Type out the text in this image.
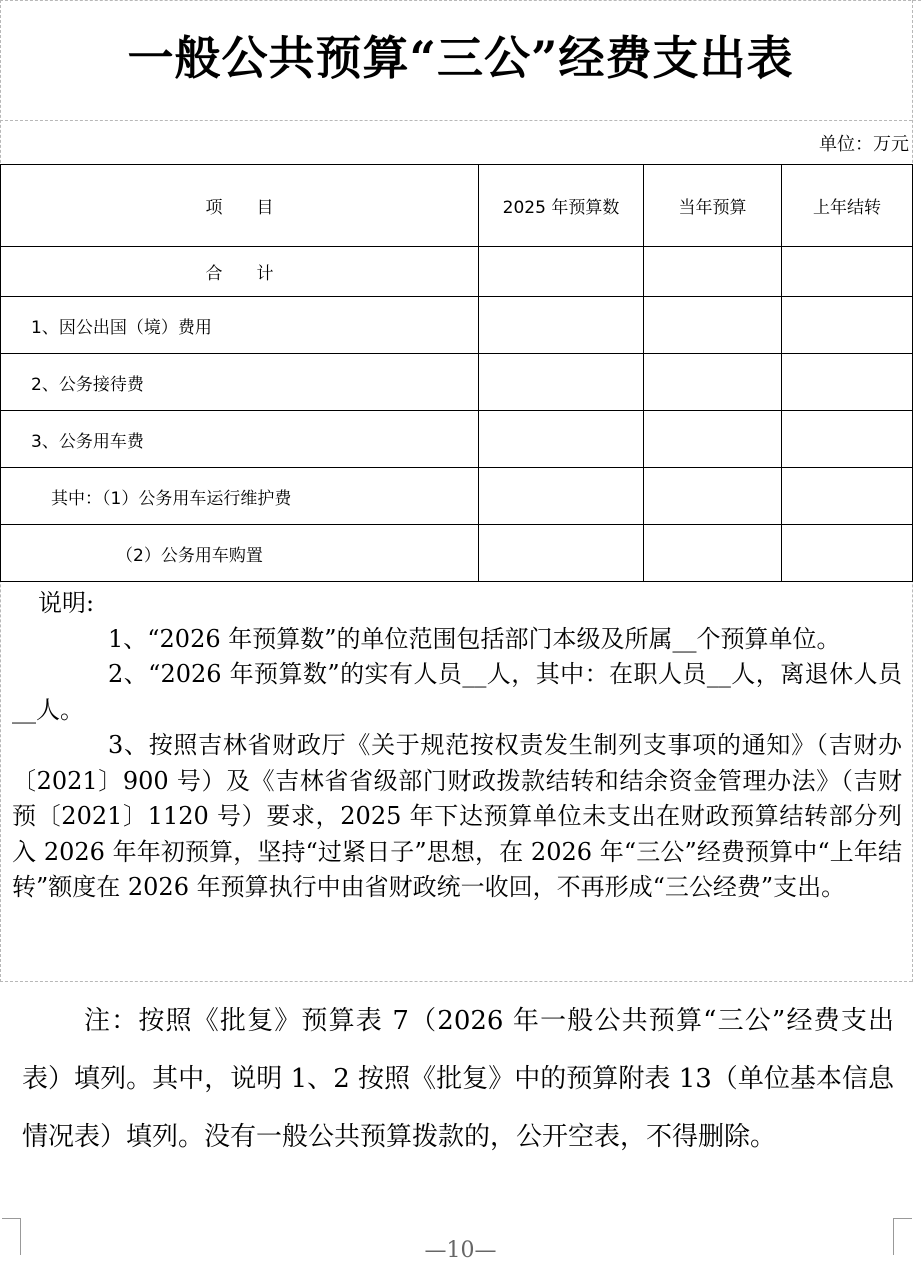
一般公共预算“三公”经费支出表
单位：万元
项　　目	2025 年预算数	当年预算	上年结转
合　　计			
1、因公出国（境）费用			
2、公务接待费			
3、公务用车费			
其中：（1）公务用车运行维护费			
（2）公务用车购置			

说明:

1、“2026 年预算数”的单位范围包括部门本级及所属__个预算单位。

2、“2026 年预算数”的实有人员__人，其中：在职人员__人，离退休人员__人。

3、按照吉林省财政厅《关于规范按权责发生制列支事项的通知》（吉财办〔2021〕900 号）及《吉林省省级部门财政拨款结转和结余资金管理办法》（吉财预〔2021〕1120 号）要求，2025 年下达预算单位未支出在财政预算结转部分列入 2026 年年初预算，坚持“过紧日子”思想，在 2026 年“三公”经费预算中“上年结转”额度在 2026 年预算执行中由省财政统一收回，不再形成“三公经费”支出。

注：按照《批复》预算表 7（2026 年一般公共预算“三公”经费支出表）填列。其中，说明 1、2 按照《批复》中的预算附表 13（单位基本信息情况表）填列。没有一般公共预算拨款的，公开空表，不得删除。

—10—
